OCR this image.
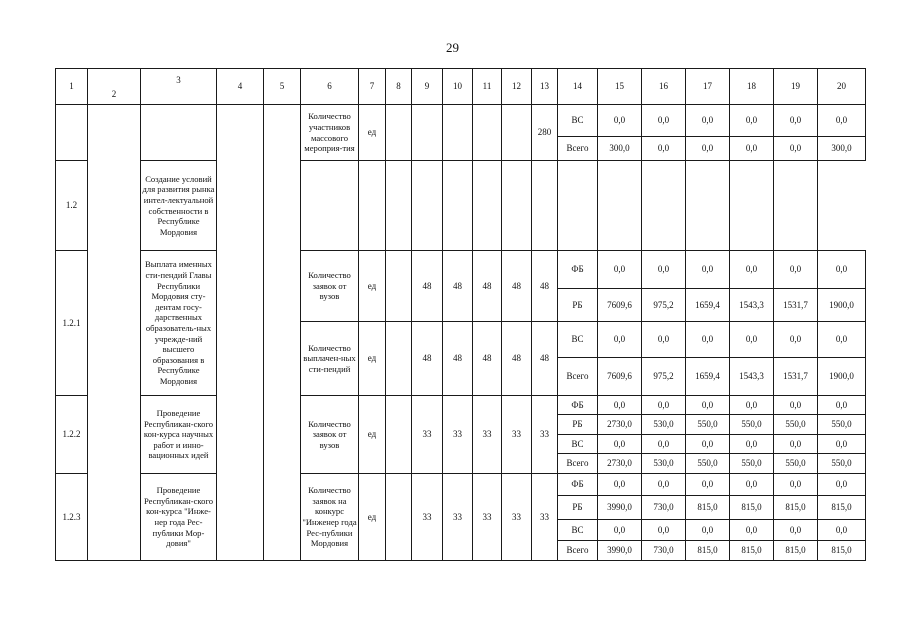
29
1	2	3	4	5	6	7	8	9	10	11	12	13	14	15	16	17	18	19	20
					Количество участников массового мероприя-тия	ед						280	ВС	0,0	0,0	0,0	0,0	0,0	0,0
													Всего	300,0	0,0	0,0	0,0	0,0	300,0
1.2		Создание условий для развития рынка интел-лектуальной собственности в Республике Мордовия																	
1.2.1		Выплата именных сти-пендий Главы Республики Мордовия сту-дентам госу-дарственных образователь-ных учрежде-ний высшего образования в Республике Мордовия			Количество заявок от вузов	ед		48	48	48	48	48	ФБ	0,0	0,0	0,0	0,0	0,0	0,0
													РБ	7609,6	975,2	1659,4	1543,3	1531,7	1900,0
					Количество выплачен-ных сти-пендий	ед		48	48	48	48	48	ВС	0,0	0,0	0,0	0,0	0,0	0,0
													Всего	7609,6	975,2	1659,4	1543,3	1531,7	1900,0
1.2.2		Проведение Республикан-ского кон-курса научных работ и инно-вационных идей			Количество заявок от вузов	ед		33	33	33	33	33	ФБ	0,0	0,0	0,0	0,0	0,0	0,0
													РБ	2730,0	530,0	550,0	550,0	550,0	550,0
													ВС	0,0	0,0	0,0	0,0	0,0	0,0
													Всего	2730,0	530,0	550,0	550,0	550,0	550,0
1.2.3		Проведение Республикан-ского кон-курса "Инже-нер года Рес-публики Мор-довия"			Количество заявок на конкурс "Инженер года Рес-публики Мордовия	ед		33	33	33	33	33	ФБ	0,0	0,0	0,0	0,0	0,0	0,0
													РБ	3990,0	730,0	815,0	815,0	815,0	815,0
													ВС	0,0	0,0	0,0	0,0	0,0	0,0
													Всего	3990,0	730,0	815,0	815,0	815,0	815,0
